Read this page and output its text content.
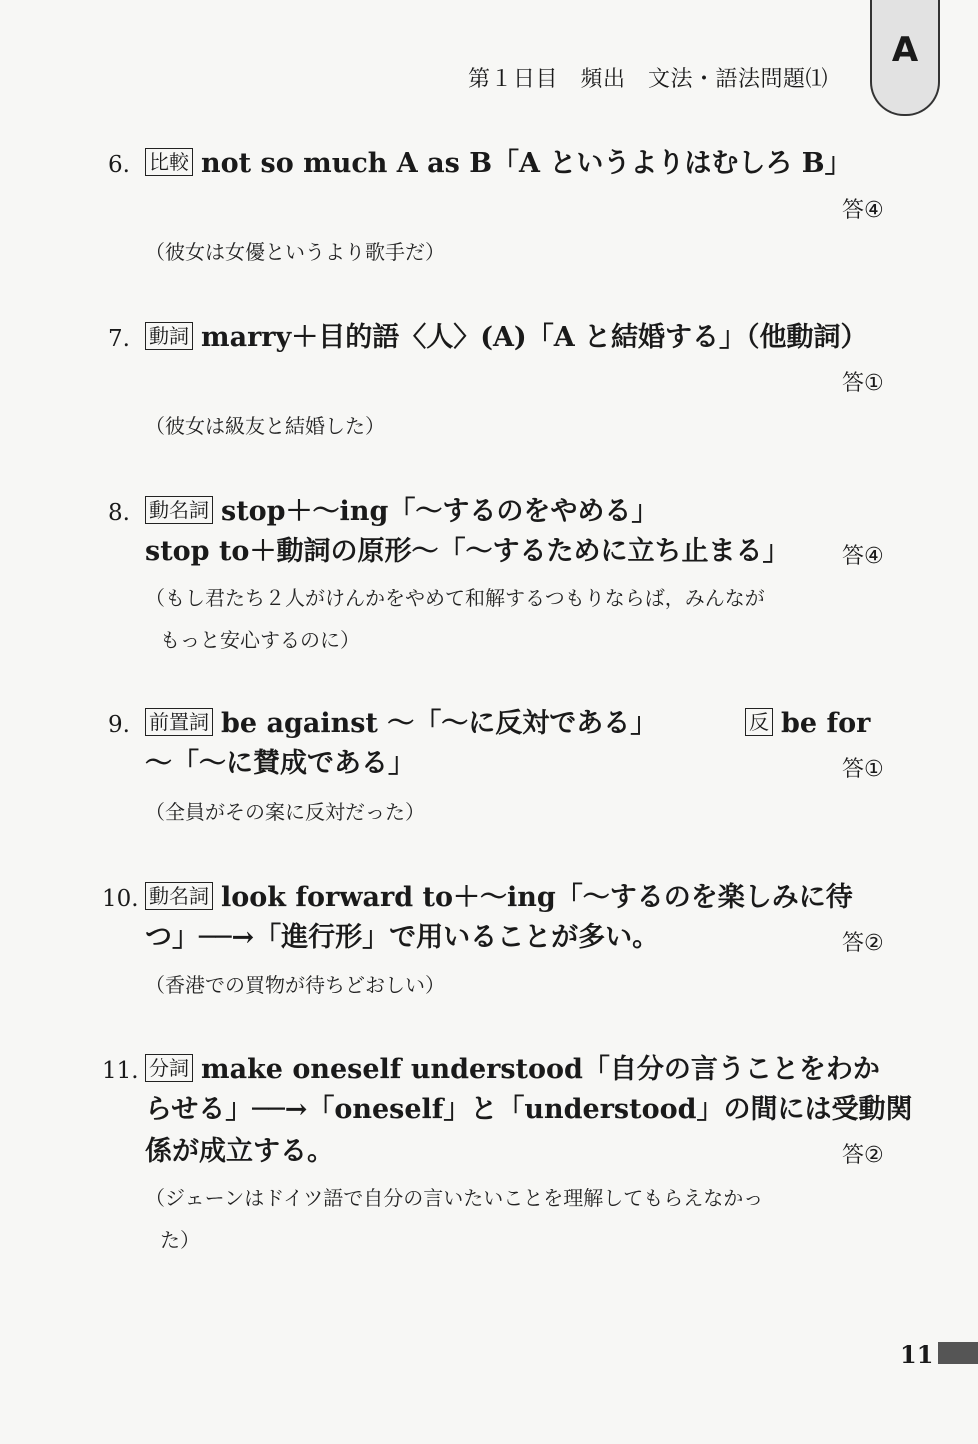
第１日目　頻出　文法・語法問題⑴
A
6. 比較 not so much A as B「A というよりはむしろ B」
答④
（彼女は女優というより歌手だ）
7. 動詞 marry＋目的語〈人〉(A)「A と結婚する」（他動詞）
答①
（彼女は級友と結婚した）
8. 動名詞 stop＋～ing「～するのをやめる」
stop to＋動詞の原形～「～するために立ち止まる」 答④
（もし君たち２人がけんかをやめて和解するつもりならば，みんなが
もっと安心するのに）
9. 前置詞 be against ～「～に反対である」	反 be for
～「～に賛成である」	答①
（全員がその案に反対だった）
10. 動名詞 look forward to＋～ing「～するのを楽しみに待
つ」──→「進行形」で用いることが多い。	答②
（香港での買物が待ちどおしい）
11. 分詞 make oneself understood「自分の言うことをわか
らせる」──→「oneself」と「understood」の間には受動関
係が成立する。	答②
（ジェーンはドイツ語で自分の言いたいことを理解してもらえなかっ
た）
11
